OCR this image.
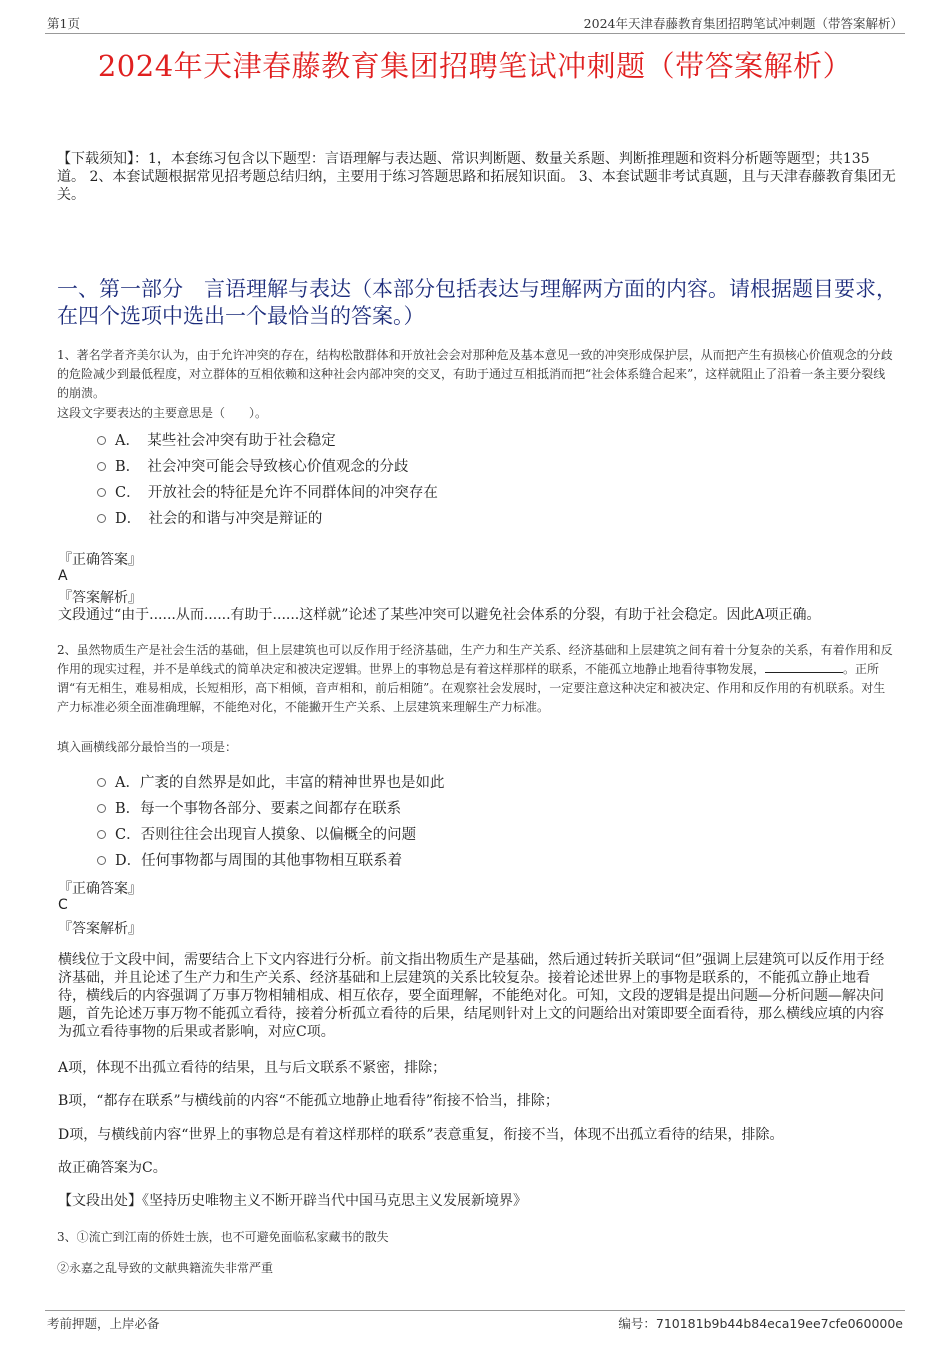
第1页	2024年天津春藤教育集团招聘笔试冲刺题（带答案解析）
2024年天津春藤教育集团招聘笔试冲刺题（带答案解析）
【下载须知】：1，本套练习包含以下题型：言语理解与表达题、常识判断题、数量关系题、判断推理题和资料分析题等题型；共135道。 2、本套试题根据常见招考题总结归纳，主要用于练习答题思路和拓展知识面。 3、本套试题非考试真题，且与天津春藤教育集团无关。
一、第一部分　言语理解与表达（本部分包括表达与理解两方面的内容。请根据题目要求，在四个选项中选出一个最恰当的答案。）
1、著名学者齐美尔认为，由于允许冲突的存在，结构松散群体和开放社会会对那种危及基本意见一致的冲突形成保护层，从而把产生有损核心价值观念的分歧的危险减少到最低程度，对立群体的互相依赖和这种社会内部冲突的交叉，有助于通过互相抵消而把“社会体系缝合起来”，这样就阻止了沿着一条主要分裂线的崩溃。
这段文字要表达的主要意思是（　　）。
A．　某些社会冲突有助于社会稳定
B．　社会冲突可能会导致核心价值观念的分歧
C．　开放社会的特征是允许不同群体间的冲突存在
D．　社会的和谐与冲突是辩证的
『正确答案』
A
『答案解析』
文段通过“由于......从而......有助于......这样就”论述了某些冲突可以避免社会体系的分裂，有助于社会稳定。因此A项正确。
2、虽然物质生产是社会生活的基础，但上层建筑也可以反作用于经济基础，生产力和生产关系、经济基础和上层建筑之间有着十分复杂的关系，有着作用和反作用的现实过程，并不是单线式的简单决定和被决定逻辑。世界上的事物总是有着这样那样的联系，不能孤立地静止地看待事物发展，	。正所谓“有无相生，难易相成，长短相形，高下相倾，音声相和，前后相随”。在观察社会发展时，一定要注意这种决定和被决定、作用和反作用的有机联系。对生产力标准必须全面准确理解，不能绝对化，不能撇开生产关系、上层建筑来理解生产力标准。
填入画横线部分最恰当的一项是：
A．广袤的自然界是如此，丰富的精神世界也是如此
B．每一个事物各部分、要素之间都存在联系
C．否则往往会出现盲人摸象、以偏概全的问题
D．任何事物都与周围的其他事物相互联系着
『正确答案』
C
『答案解析』
横线位于文段中间，需要结合上下文内容进行分析。前文指出物质生产是基础，然后通过转折关联词“但”强调上层建筑可以反作用于经济基础，并且论述了生产力和生产关系、经济基础和上层建筑的关系比较复杂。接着论述世界上的事物是联系的，不能孤立静止地看待，横线后的内容强调了万事万物相辅相成、相互依存，要全面理解，不能绝对化。可知，文段的逻辑是提出问题—分析问题—解决问题，首先论述万事万物不能孤立看待，接着分析孤立看待的后果，结尾则针对上文的问题给出对策即要全面看待，那么横线应填的内容为孤立看待事物的后果或者影响，对应C项。
A项，体现不出孤立看待的结果，且与后文联系不紧密，排除；
B项，“都存在联系”与横线前的内容“不能孤立地静止地看待”衔接不恰当，排除；
D项，与横线前内容“世界上的事物总是有着这样那样的联系”表意重复，衔接不当，体现不出孤立看待的结果，排除。
故正确答案为C。
【文段出处】《坚持历史唯物主义不断开辟当代中国马克思主义发展新境界》
3、①流亡到江南的侨姓士族，也不可避免面临私家藏书的散失
②永嘉之乱导致的文献典籍流失非常严重
考前押题，上岸必备	编号：710181b9b44b84eca19ee7cfe060000e
